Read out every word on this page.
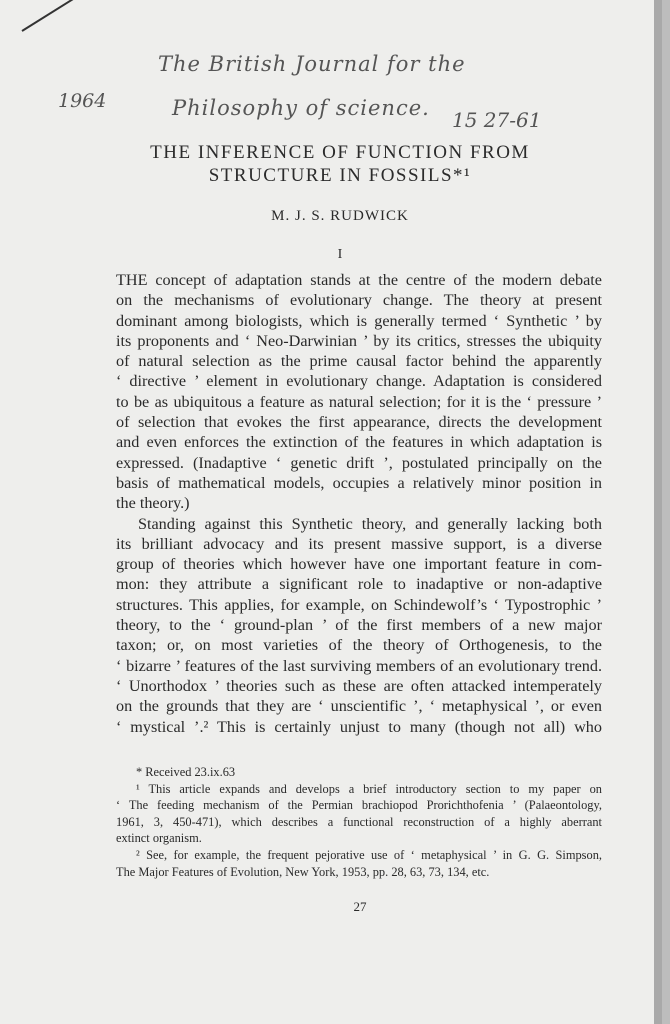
1964
The British Journal for the
Philosophy of science. 15 27-61
THE INFERENCE OF FUNCTION FROM
STRUCTURE IN FOSSILS*¹
M. J. S. RUDWICK
I
THE concept of adaptation stands at the centre of the modern debate
on the mechanisms of evolutionary change. The theory at present
dominant among biologists, which is generally termed ‘ Synthetic ’ by
its proponents and ‘ Neo-Darwinian ’ by its critics, stresses the ubiquity
of natural selection as the prime causal factor behind the apparently
‘ directive ’ element in evolutionary change. Adaptation is considered
to be as ubiquitous a feature as natural selection; for it is the ‘ pressure ’
of selection that evokes the first appearance, directs the development
and even enforces the extinction of the features in which adaptation is
expressed. (Inadaptive ‘ genetic drift ’, postulated principally on the
basis of mathematical models, occupies a relatively minor position in
the theory.)
Standing against this Synthetic theory, and generally lacking both
its brilliant advocacy and its present massive support, is a diverse
group of theories which however have one important feature in com-
mon: they attribute a significant role to inadaptive or non-adaptive
structures. This applies, for example, on Schindewolf’s ‘ Typostrophic ’
theory, to the ‘ ground-plan ’ of the first members of a new major
taxon; or, on most varieties of the theory of Orthogenesis, to the
‘ bizarre ’ features of the last surviving members of an evolutionary trend.
‘ Unorthodox ’ theories such as these are often attacked intemperately
on the grounds that they are ‘ unscientific ’, ‘ metaphysical ’, or even
‘ mystical ’.² This is certainly unjust to many (though not all) who
* Received 23.ix.63
¹ This article expands and develops a brief introductory section to my paper on
‘ The feeding mechanism of the Permian brachiopod Prorichthofenia ’ (Palaeontology,
1961, 3, 450-471), which describes a functional reconstruction of a highly aberrant
extinct organism.
² See, for example, the frequent pejorative use of ‘ metaphysical ’ in G. G. Simpson,
The Major Features of Evolution, New York, 1953, pp. 28, 63, 73, 134, etc.
27
